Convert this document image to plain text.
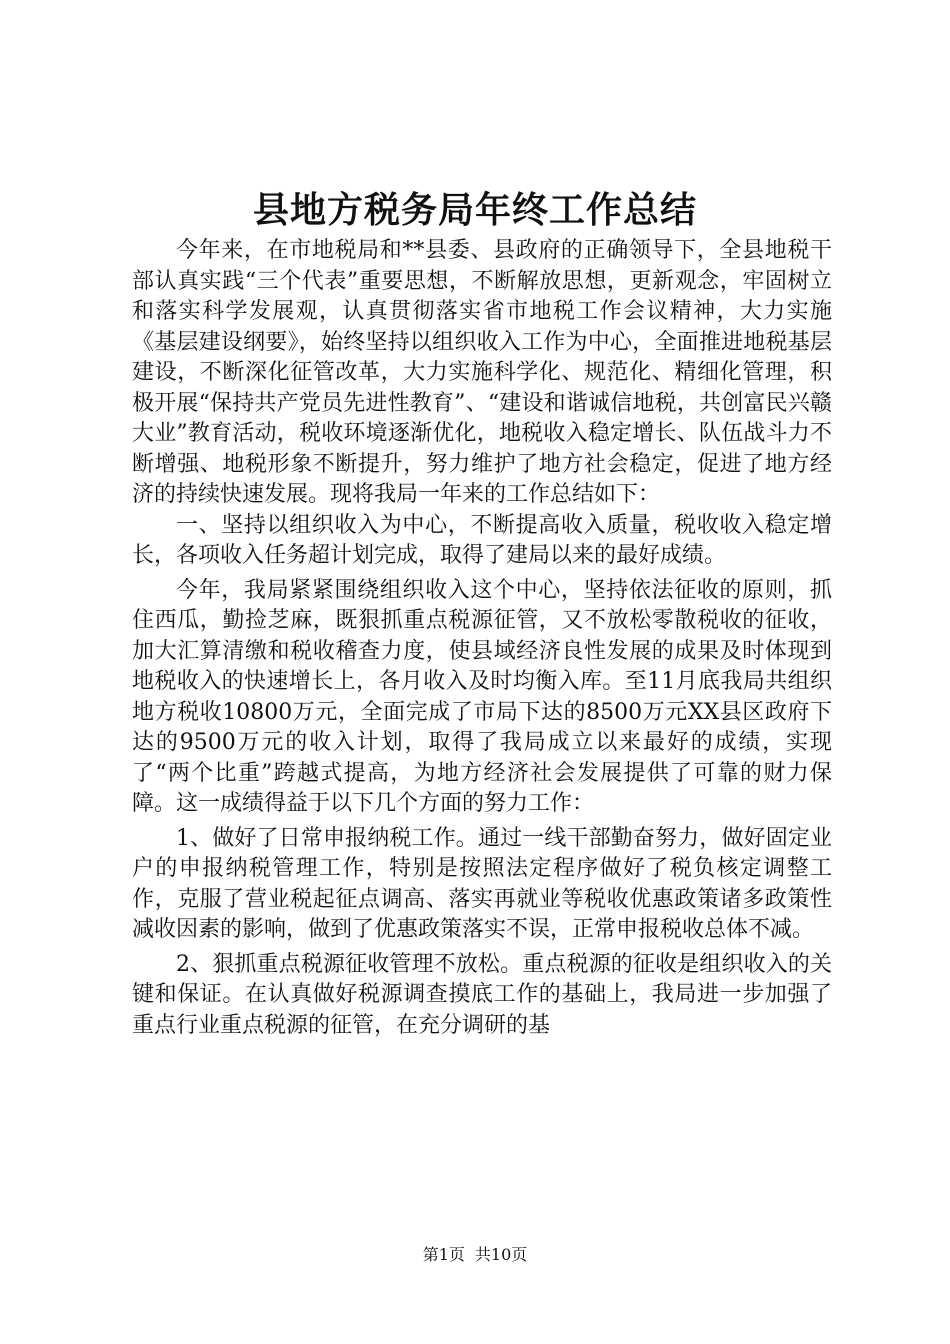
县地方税务局年终工作总结

今年来，在市地税局和**县委、县政府的正确领导下，全县地税干部认真实践“三个代表”重要思想，不断解放思想，更新观念，牢固树立和落实科学发展观，认真贯彻落实省市地税工作会议精神，大力实施《基层建设纲要》，始终坚持以组织收入工作为中心，全面推进地税基层建设，不断深化征管改革，大力实施科学化、规范化、精细化管理，积极开展“保持共产党员先进性教育”、“建设和谐诚信地税，共创富民兴赣大业”教育活动，税收环境逐渐优化，地税收入稳定增长、队伍战斗力不断增强、地税形象不断提升，努力维护了地方社会稳定，促进了地方经济的持续快速发展。现将我局一年来的工作总结如下：

一、坚持以组织收入为中心，不断提高收入质量，税收收入稳定增长，各项收入任务超计划完成，取得了建局以来的最好成绩。

今年，我局紧紧围绕组织收入这个中心，坚持依法征收的原则，抓住西瓜，勤捡芝麻，既狠抓重点税源征管，又不放松零散税收的征收，加大汇算清缴和税收稽查力度，使县域经济良性发展的成果及时体现到地税收入的快速增长上，各月收入及时均衡入库。至11月底我局共组织地方税收10800万元，全面完成了市局下达的8500万元XX县区政府下达的9500万元的收入计划，取得了我局成立以来最好的成绩，实现了“两个比重”跨越式提高，为地方经济社会发展提供了可靠的财力保障。这一成绩得益于以下几个方面的努力工作：

1、做好了日常申报纳税工作。通过一线干部勤奋努力，做好固定业户的申报纳税管理工作，特别是按照法定程序做好了税负核定调整工作，克服了营业税起征点调高、落实再就业等税收优惠政策诸多政策性减收因素的影响，做到了优惠政策落实不误，正常申报税收总体不减。

2、狠抓重点税源征收管理不放松。重点税源的征收是组织收入的关键和保证。在认真做好税源调查摸底工作的基础上，我局进一步加强了重点行业重点税源的征管，在充分调研的基

第1页 共10页
